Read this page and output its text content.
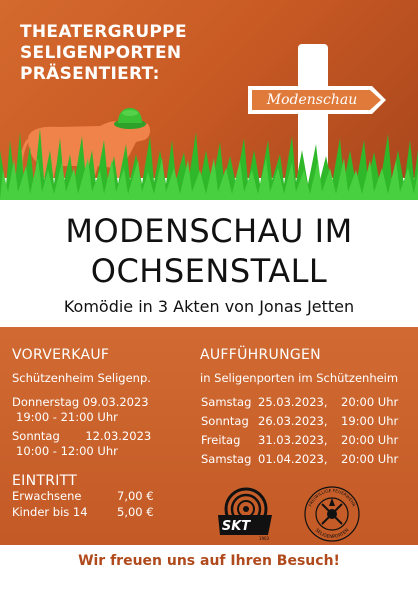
THEATERGRUPPE
SELIGENPORTEN
PRÄSENTIERT:
Modenschau
MODENSCHAU IM
OCHSENSTALL
Komödie in 3 Akten von Jonas Jetten
VORVERKAUF
Schützenheim Seligenp.
Donnerstag 09.03.2023
19:00 - 21:00 Uhr
Sonntag       12.03.2023
10:00 - 12:00 Uhr
EINTRITT
Erwachsene	7,00 €
Kinder bis 14	5,00 €
AUFFÜHRUNGEN
in Seligenporten im Schützenheim
Samstag 25.03.2023, 20:00 Uhr
Sonntag 26.03.2023, 19:00 Uhr
Freitag 31.03.2023, 20:00 Uhr
Samstag 01.04.2023, 20:00 Uhr
SKT
1903
FREIWILLIGE FEUERWEHR
SELIGENPORTEN
Wir freuen uns auf Ihren Besuch!
